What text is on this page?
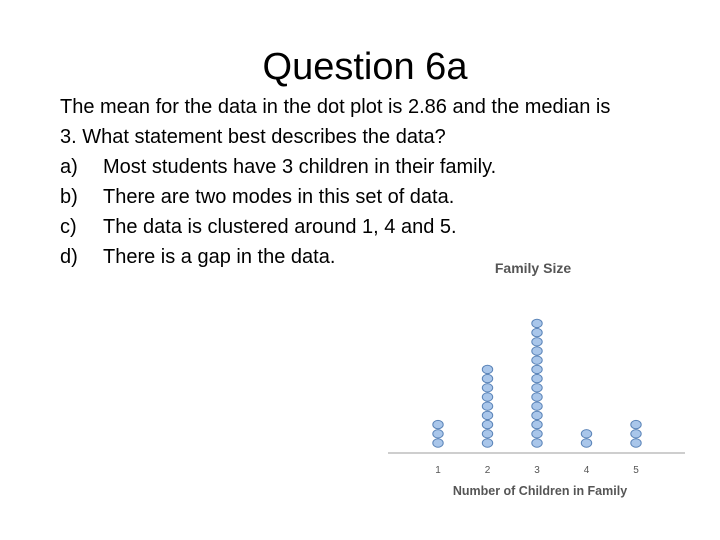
Question 6a
The mean for the data in the dot plot is 2.86 and the median is
3. What statement best describes the data?
a)	Most students have 3 children in their family.
b)	There are two modes in this set of data.
c)	The data is clustered around 1, 4 and 5.
d)	There is a gap in the data.	Family Size
1	2	3	4	5
Number of Children in Family
